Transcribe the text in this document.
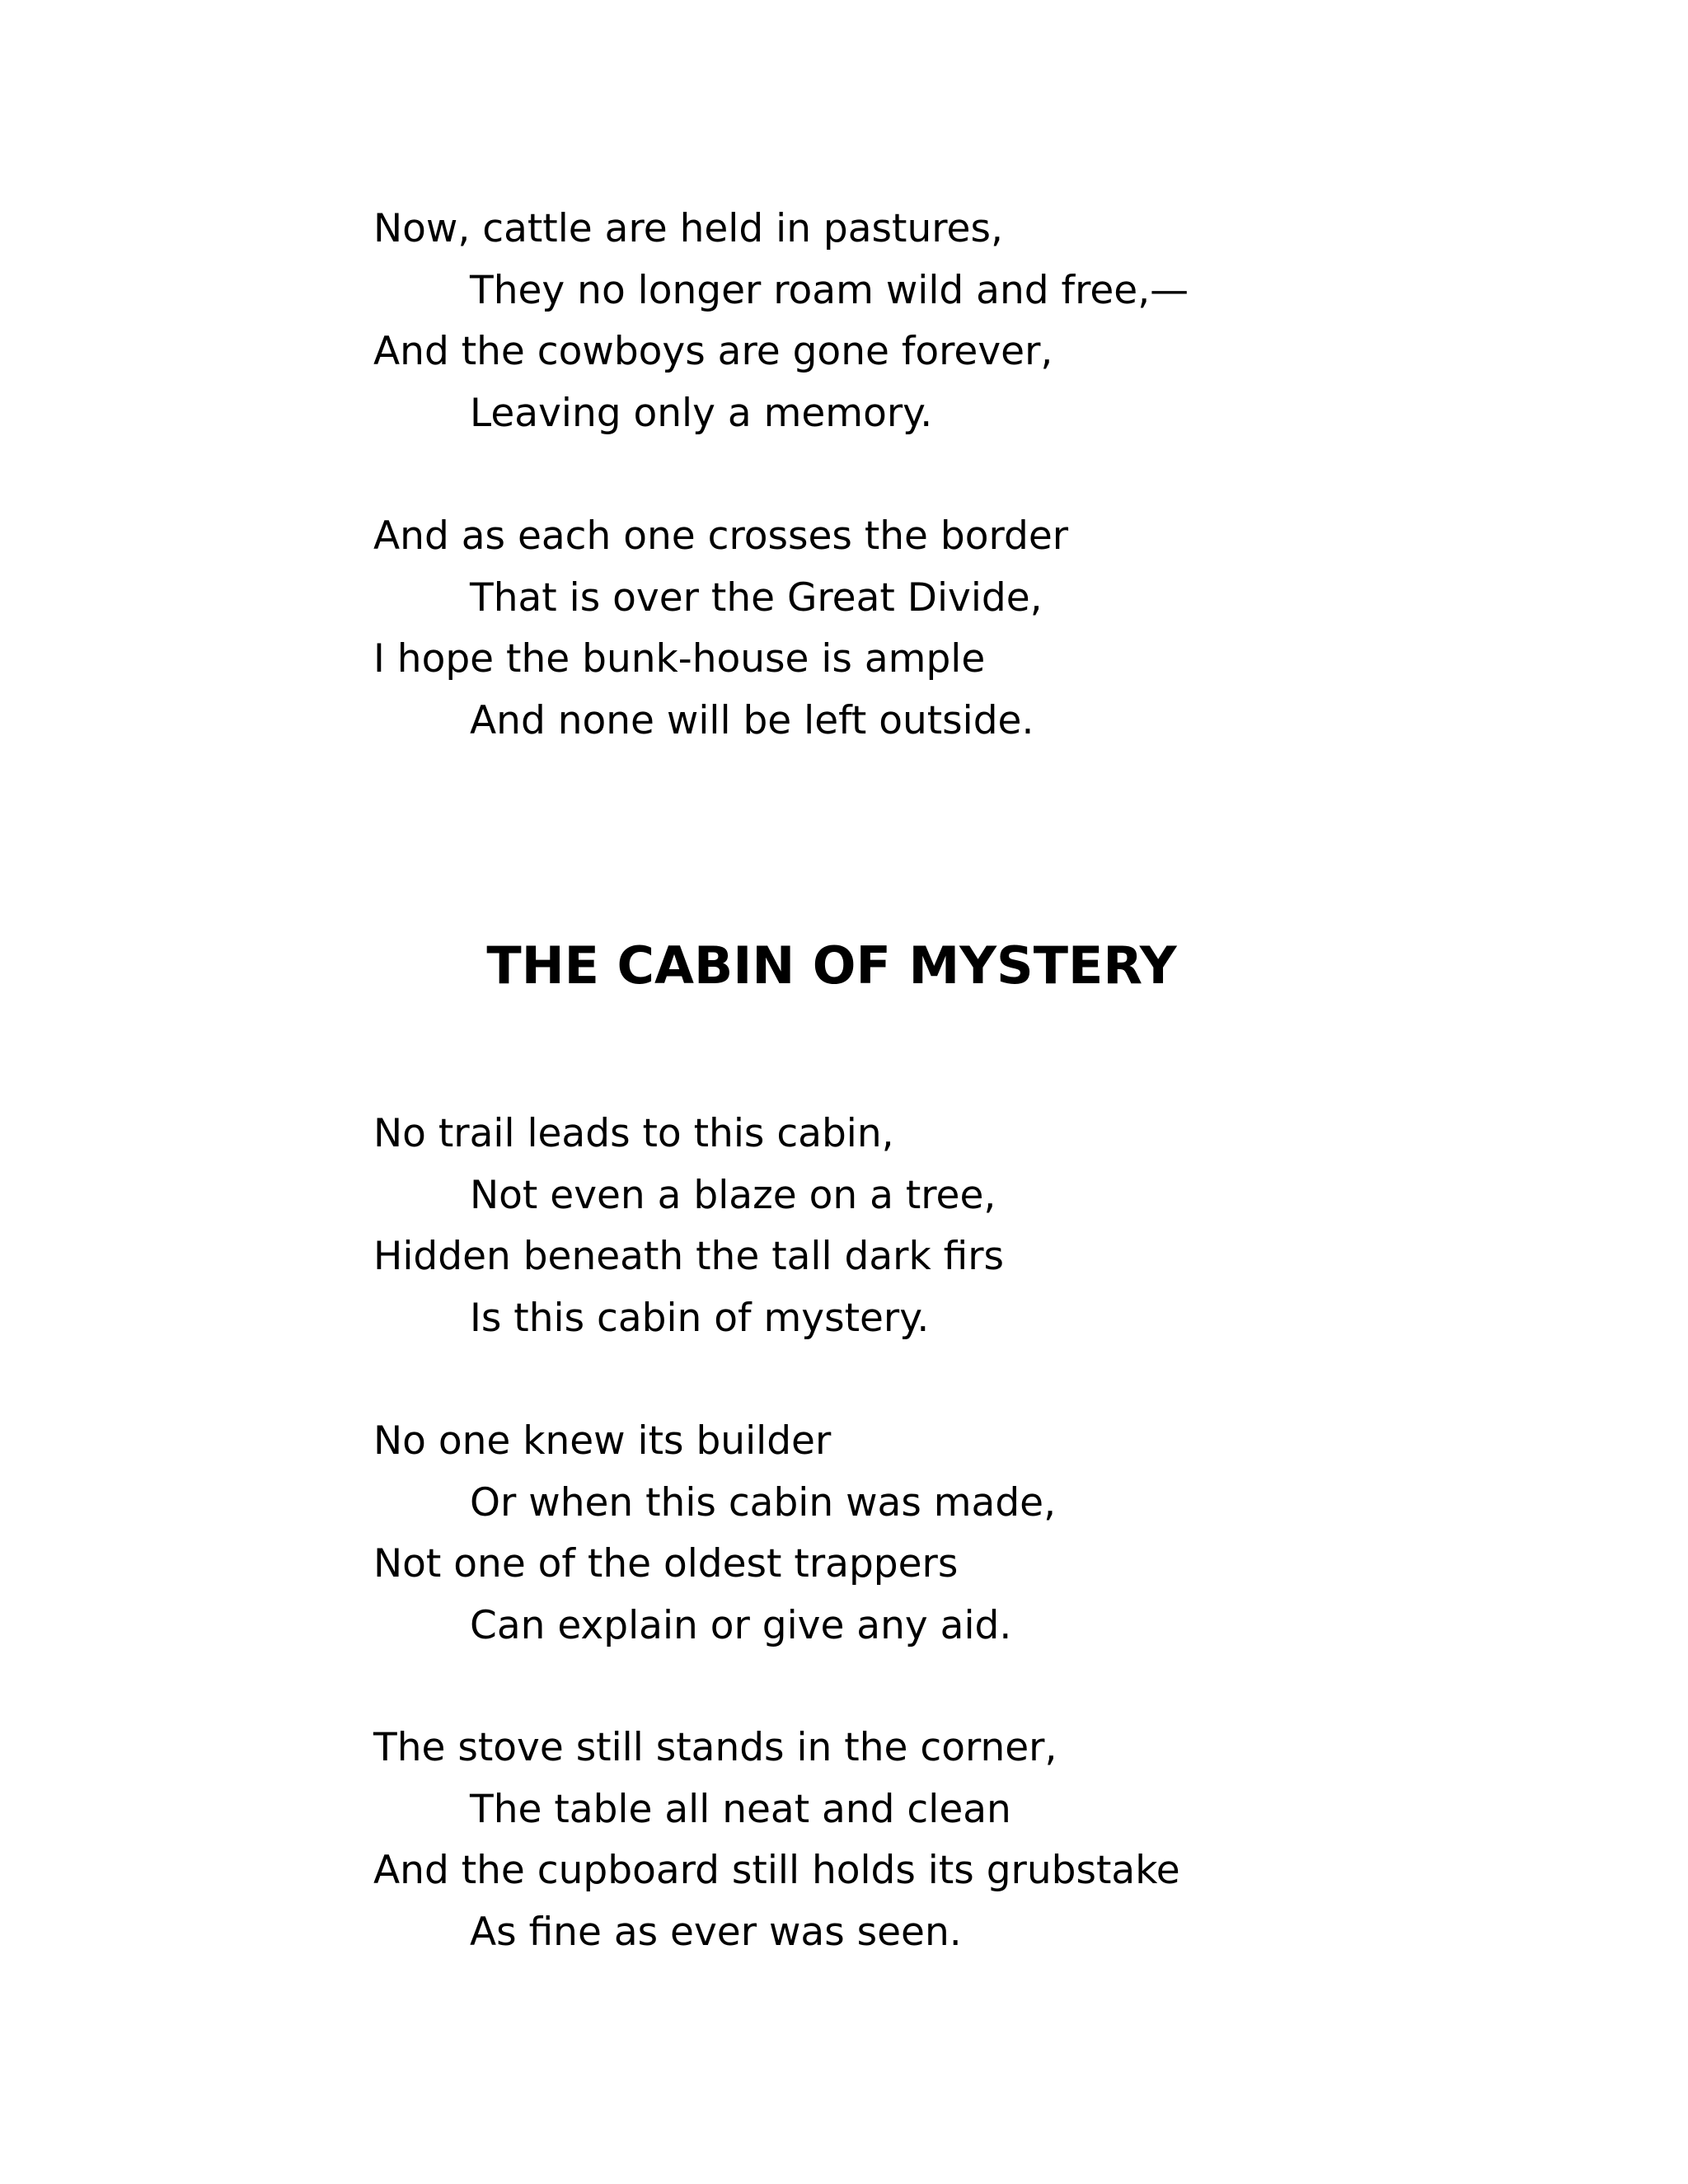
Now, cattle are held in pastures,
They no longer roam wild and free,—
And the cowboys are gone forever,
Leaving only a memory.
And as each one crosses the border
That is over the Great Divide,
I hope the bunk-house is ample
And none will be left outside.
THE CABIN OF MYSTERY
No trail leads to this cabin,
Not even a blaze on a tree,
Hidden beneath the tall dark firs
Is this cabin of mystery.
No one knew its builder
Or when this cabin was made,
Not one of the oldest trappers
Can explain or give any aid.
The stove still stands in the corner,
The table all neat and clean
And the cupboard still holds its grubstake
As fine as ever was seen.
